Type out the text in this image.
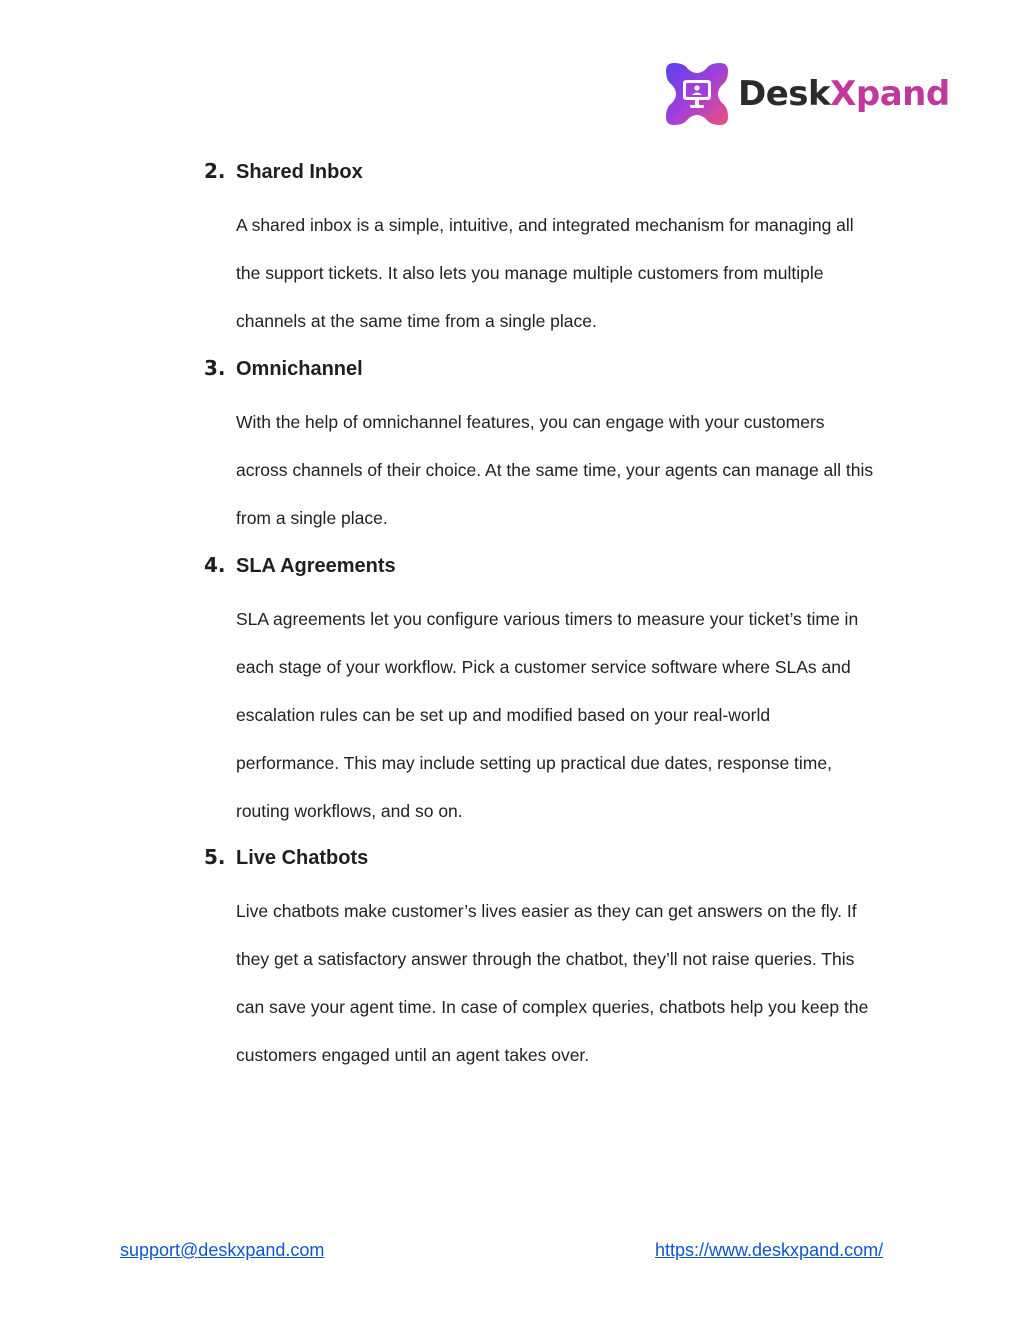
DeskXpand
2. Shared Inbox
A shared inbox is a simple, intuitive, and integrated mechanism for managing all
the support tickets. It also lets you manage multiple customers from multiple
channels at the same time from a single place.
3. Omnichannel
With the help of omnichannel features, you can engage with your customers
across channels of their choice. At the same time, your agents can manage all this
from a single place.
4. SLA Agreements
SLA agreements let you configure various timers to measure your ticket’s time in
each stage of your workflow. Pick a customer service software where SLAs and
escalation rules can be set up and modified based on your real-world
performance. This may include setting up practical due dates, response time,
routing workflows, and so on.
5. Live Chatbots
Live chatbots make customer’s lives easier as they can get answers on the fly. If
they get a satisfactory answer through the chatbot, they’ll not raise queries. This
can save your agent time. In case of complex queries, chatbots help you keep the
customers engaged until an agent takes over.
support@deskxpand.com	https://www.deskxpand.com/
